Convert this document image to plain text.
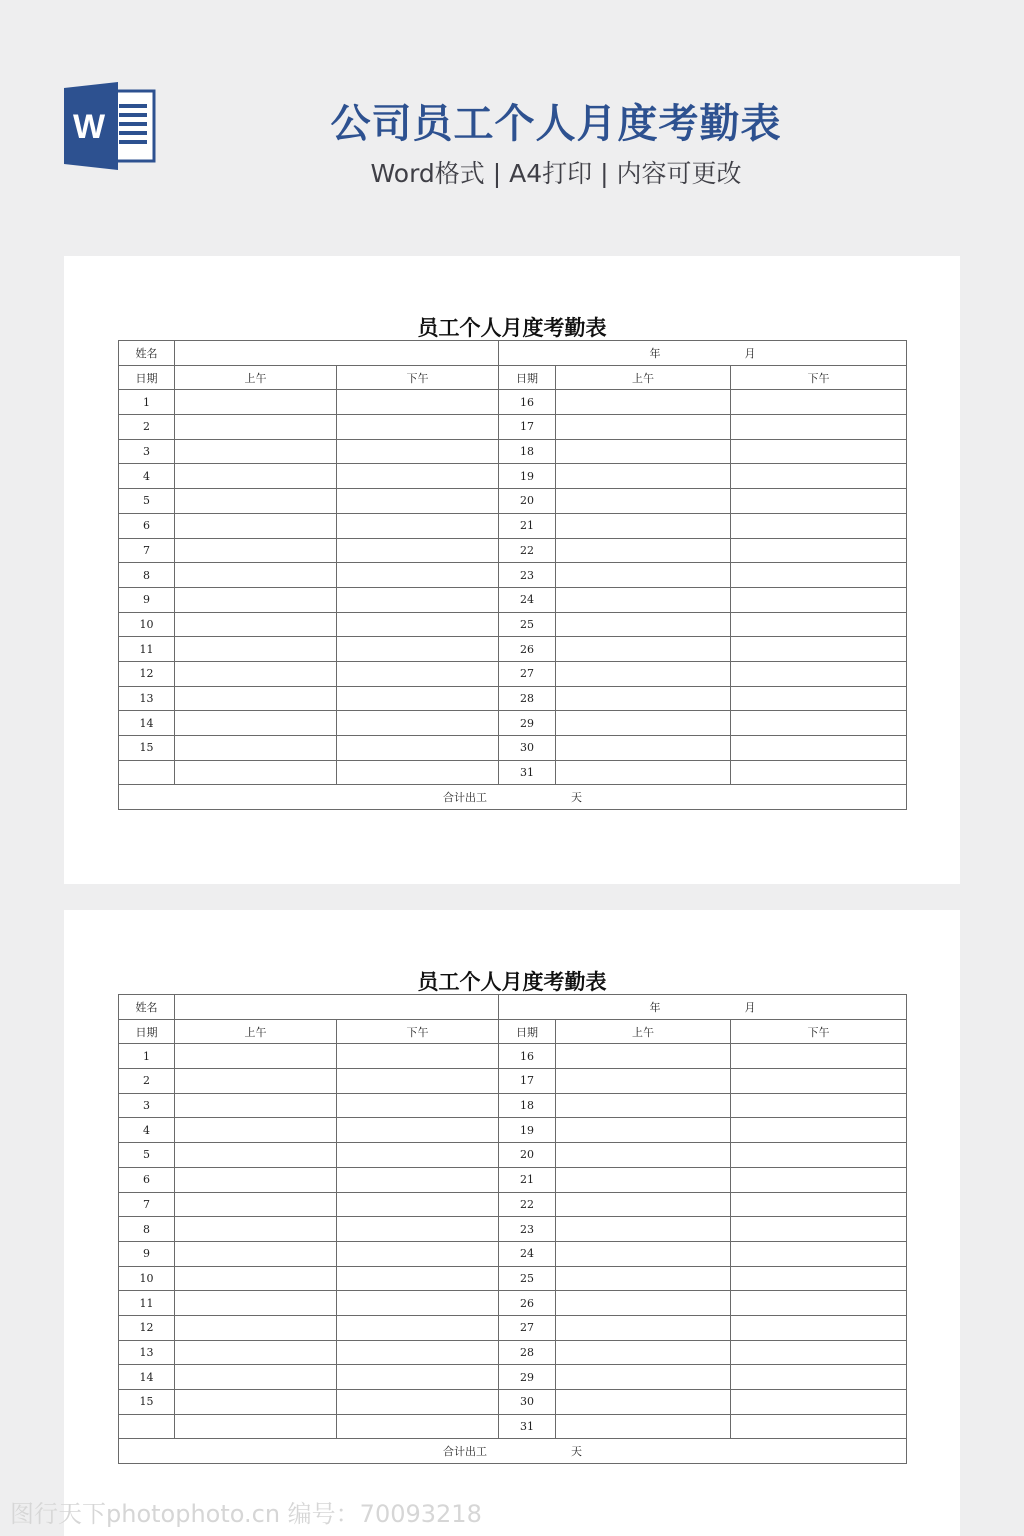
W	公司员工个人月度考勤表

Word格式 | A4打印 | 内容可更改

员工个人月度考勤表
姓名			年 月		
日期	上午	下午	日期	上午	下午
1			16		
2			17		
3			18		
4			19		
5			20		
6			21		
7			22		
8			23		
9			24		
10			25		
11			26		
12			27		
13			28		
14			29		
15			30		
			31		
合计出工 天					
员工个人月度考勤表
姓名			年 月		
日期	上午	下午	日期	上午	下午
1			16		
2			17		
3			18		
4			19		
5			20		
6			21		
7			22		
8			23		
9			24		
10			25		
11			26		
12			27		
13			28		
14			29		
15			30		
			31		
合计出工 天					

图行天下photophoto.cn 编号：70093218
